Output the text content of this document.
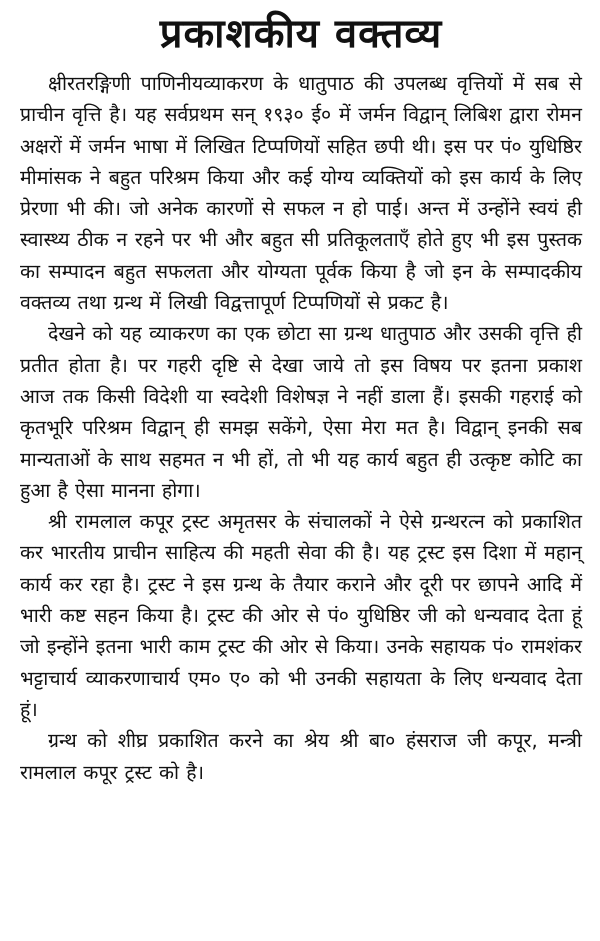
प्रकाशकीय वक्तव्य

क्षीरतरङ्गिणी पाणिनीयव्याकरण के धातुपाठ की उपलब्ध वृत्तियों में सब से प्राचीन वृत्ति है। यह सर्वप्रथम सन् १९३० ई० में जर्मन विद्वान् लिबिश द्वारा रोमन अक्षरों में जर्मन भाषा में लिखित टिप्पणियों सहित छपी थी। इस पर पं० युधिष्ठिर मीमांसक ने बहुत परिश्रम किया और कई योग्य व्यक्तियों को इस कार्य के लिए प्रेरणा भी की। जो अनेक कारणों से सफल न हो पाई। अन्त में उन्होंने स्वयं ही स्वास्थ्य ठीक न रहने पर भी और बहुत सी प्रतिकूलताएँ होते हुए भी इस पुस्तक का सम्पादन बहुत सफलता और योग्यता पूर्वक किया है जो इन के सम्पादकीय वक्तव्य तथा ग्रन्थ में लिखी विद्वत्तापूर्ण टिप्पणियों से प्रकट है।

देखने को यह व्याकरण का एक छोटा सा ग्रन्थ धातुपाठ और उसकी वृत्ति ही प्रतीत होता है। पर गहरी दृष्टि से देखा जाये तो इस विषय पर इतना प्रकाश आज तक किसी विदेशी या स्वदेशी विशेषज्ञ ने नहीं डाला हैं। इसकी गहराई को कृतभूरि परिश्रम विद्वान् ही समझ सकेंगे, ऐसा मेरा मत है। विद्वान् इनकी सब मान्यताओं के साथ सहमत न भी हों, तो भी यह कार्य बहुत ही उत्कृष्ट कोटि का हुआ है ऐसा मानना होगा।

श्री रामलाल कपूर ट्रस्ट अमृतसर के संचालकों ने ऐसे ग्रन्थरत्न को प्रकाशित कर भारतीय प्राचीन साहित्य की महती सेवा की है। यह ट्रस्ट इस दिशा में महान् कार्य कर रहा है। ट्रस्ट ने इस ग्रन्थ के तैयार कराने और दूरी पर छापने आदि में भारी कष्ट सहन किया है। ट्रस्ट की ओर से पं० युधिष्ठिर जी को धन्यवाद देता हूं जो इन्होंने इतना भारी काम ट्रस्ट की ओर से किया। उनके सहायक पं० रामशंकर भट्टाचार्य व्याकरणाचार्य एम० ए० को भी उनकी सहायता के लिए धन्यवाद देता हूं।

ग्रन्थ को शीघ्र प्रकाशित करने का श्रेय श्री बा० हंसराज जी कपूर, मन्त्री रामलाल कपूर ट्रस्ट को है।
